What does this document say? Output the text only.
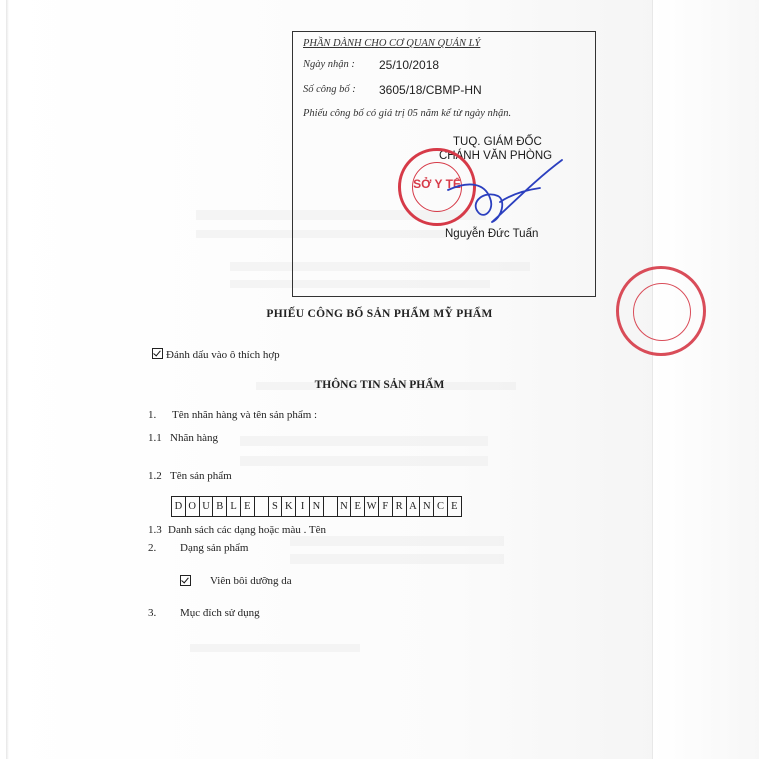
PHẦN DÀNH CHO CƠ QUAN QUẢN LÝ
Ngày nhận : 25/10/2018
Số công bố : 3605/18/CBMP-HN
Phiếu công bố có giá trị 05 năm kể từ ngày nhận.
TUQ. GIÁM ĐỐC
CHÁNH VĂN PHÒNG
Nguyễn Đức Tuấn
SỞ Y TẾ
PHIẾU CÔNG BỐ SẢN PHẨM MỸ PHẨM
Đánh dấu vào ô thích hợp
THÔNG TIN SẢN PHẨM
1. Tên nhãn hàng và tên sản phẩm :
1.1 Nhãn hàng
1.2 Tên sản phẩm
D O U B L E	S K I N	N E W F R A N C E
1.3 Danh sách các dạng hoặc màu . Tên
2. Dạng sản phẩm
Viên bôi dưỡng da
3. Mục đích sử dụng
